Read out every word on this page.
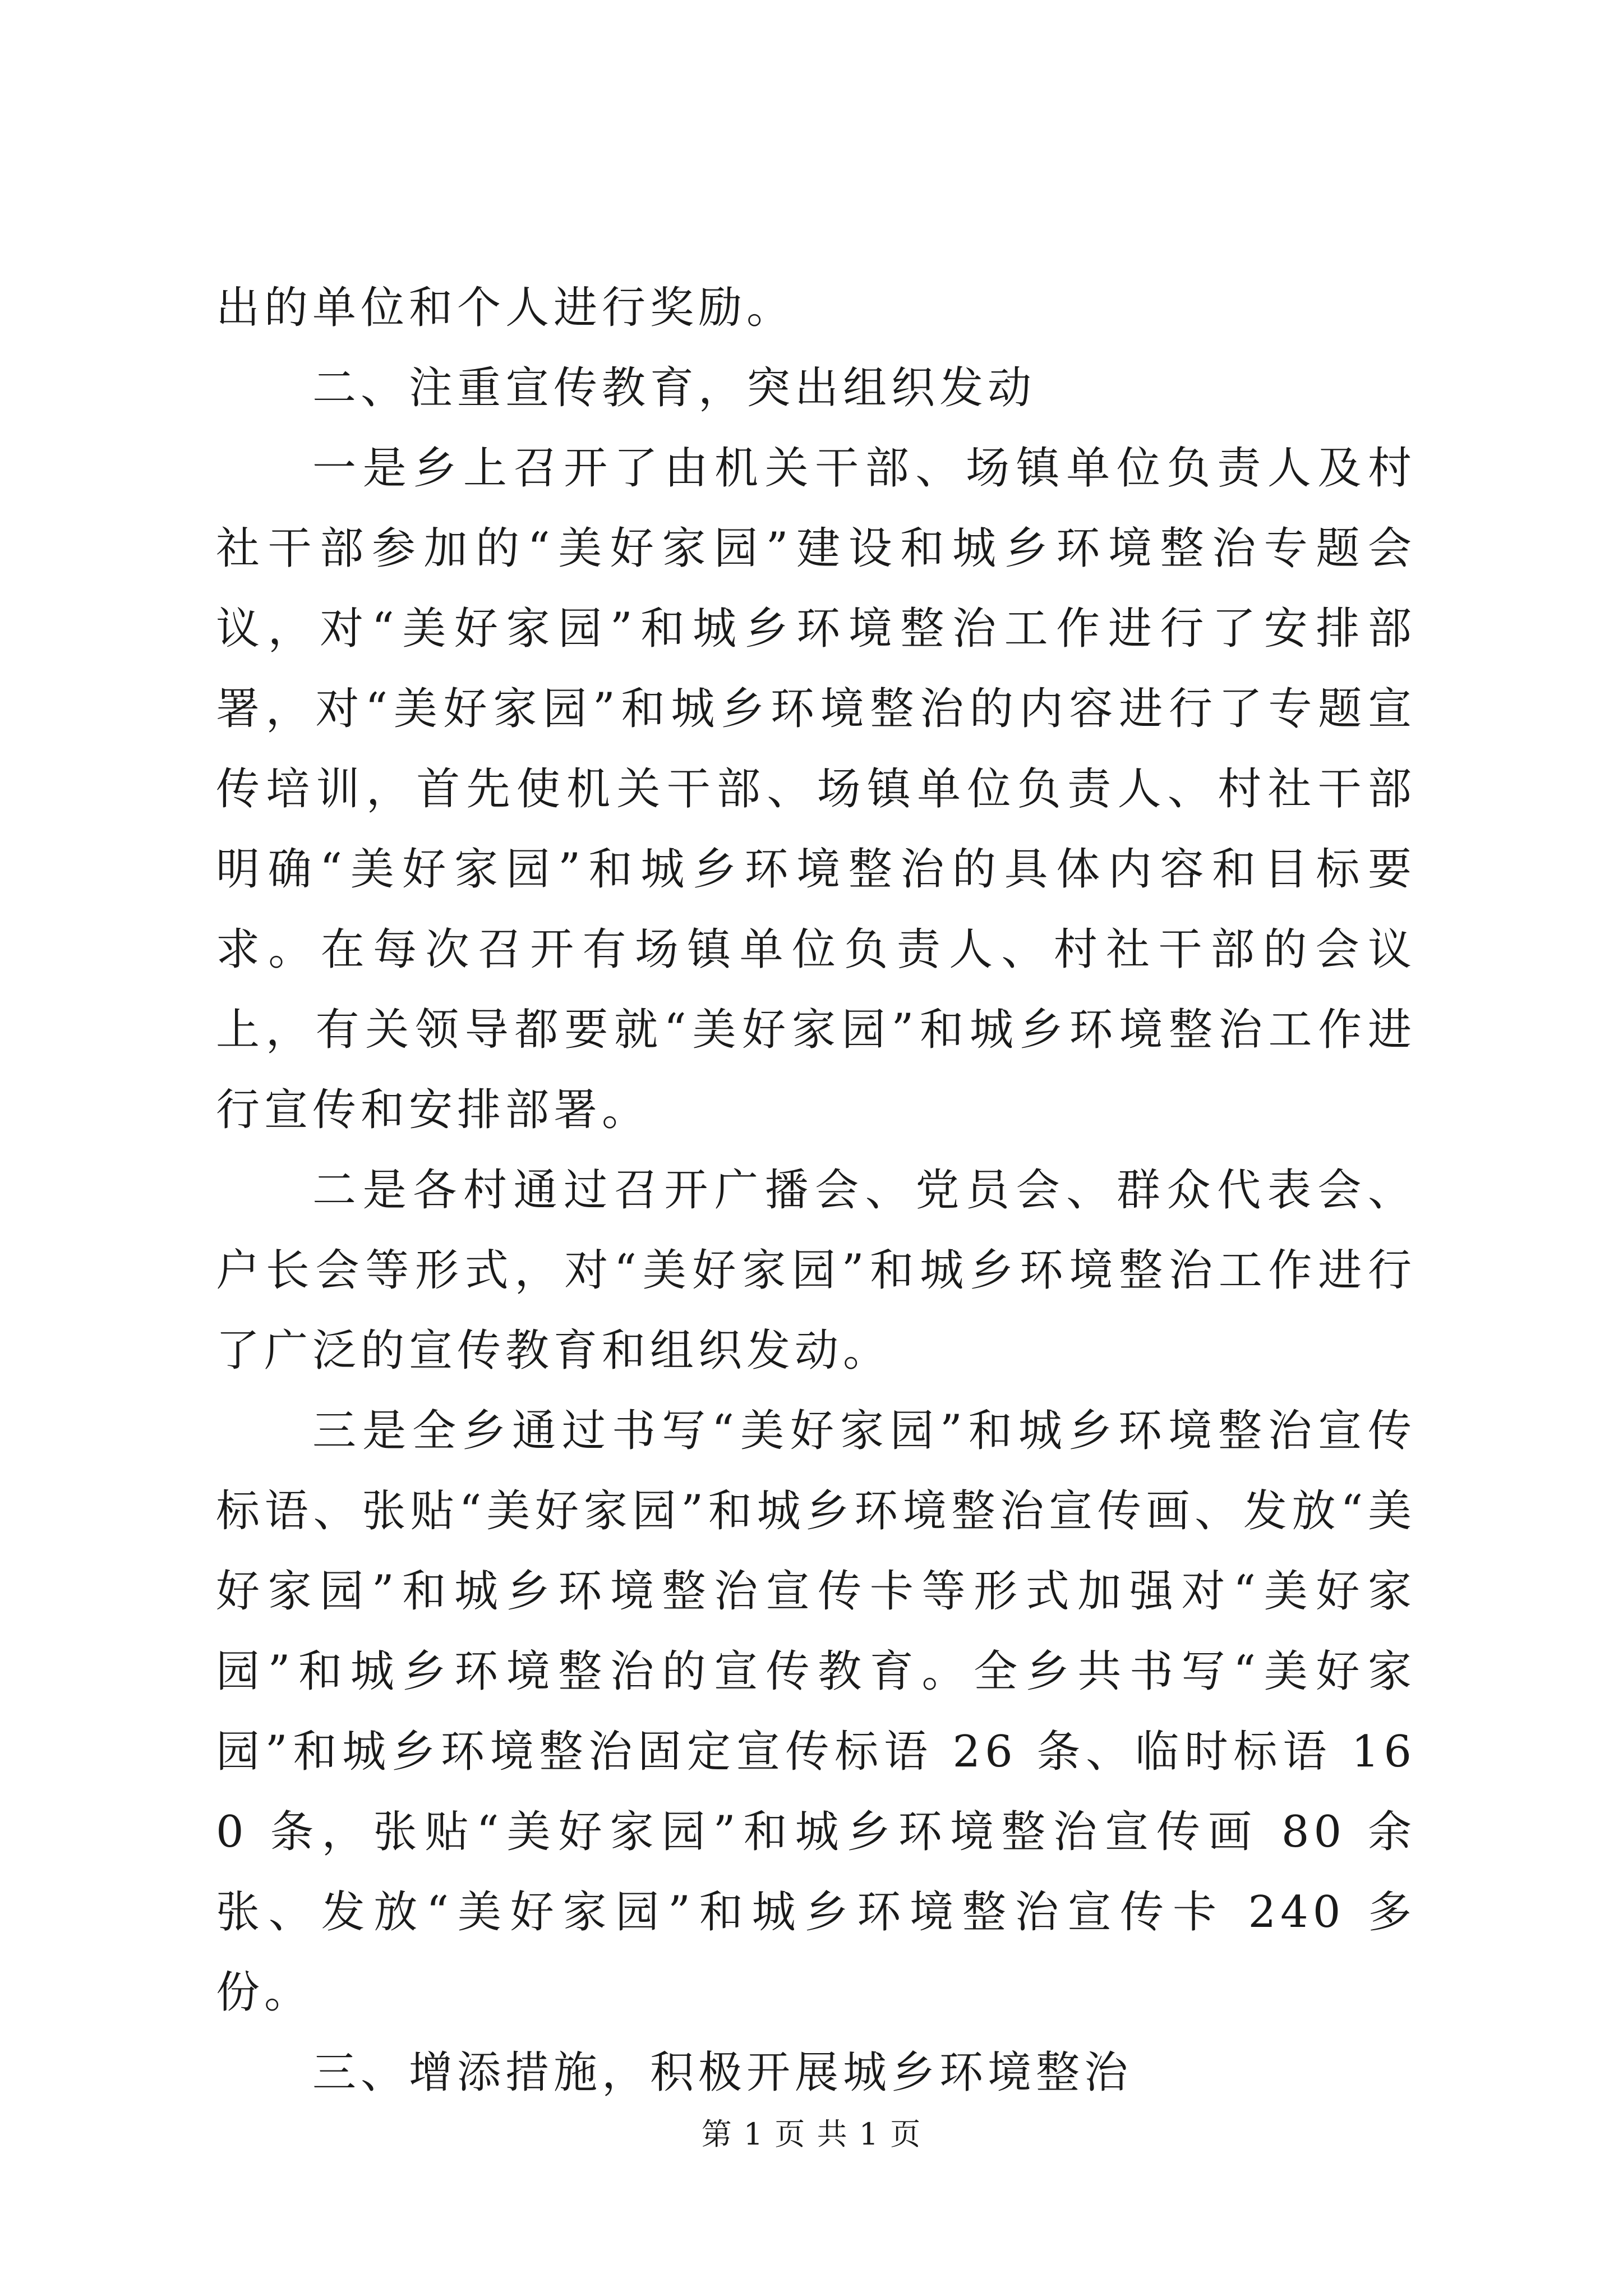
出的单位和个人进行奖励。

二、注重宣传教育，突出组织发动

一是乡上召开了由机关干部、场镇单位负责人及村社干部参加的“美好家园”建设和城乡环境整治专题会议，对“美好家园”和城乡环境整治工作进行了安排部署，对“美好家园”和城乡环境整治的内容进行了专题宣传培训，首先使机关干部、场镇单位负责人、村社干部明确“美好家园”和城乡环境整治的具体内容和目标要求。在每次召开有场镇单位负责人、村社干部的会议上，有关领导都要就“美好家园”和城乡环境整治工作进行宣传和安排部署。

二是各村通过召开广播会、党员会、群众代表会、户长会等形式，对“美好家园”和城乡环境整治工作进行了广泛的宣传教育和组织发动。

三是全乡通过书写“美好家园”和城乡环境整治宣传标语、张贴“美好家园”和城乡环境整治宣传画、发放“美好家园”和城乡环境整治宣传卡等形式加强对“美好家园”和城乡环境整治的宣传教育。全乡共书写“美好家园”和城乡环境整治固定宣传标语 26 条、临时标语 160 条，张贴“美好家园”和城乡环境整治宣传画 80 余张、发放“美好家园”和城乡环境整治宣传卡 240 多份。

三、增添措施，积极开展城乡环境整治

第 1 页 共 1 页
